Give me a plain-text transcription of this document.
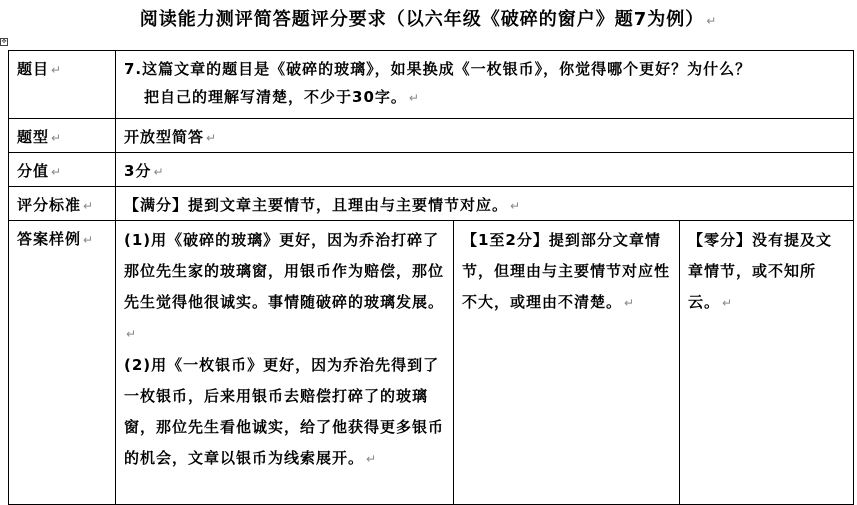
阅读能力测评简答题评分要求（以六年级《破碎的窗户》题7为例） ↵
✥
题目 ↵	7.这篇文章的题目是《破碎的玻璃》，如果换成《一枚银币》，你觉得哪个更好？为什么？
把自己的理解写清楚，不少于30字。 ↵		

题型 ↵	开放型简答 ↵		
分值 ↵	3分 ↵		
评分标准 ↵	【满分】提到文章主要情节，且理由与主要情节对应。 ↵		
答案样例 ↵	(1)用《破碎的玻璃》更好，因为乔治打碎了那位先生家的玻璃窗，用银币作为赔偿，那位先生觉得他很诚实。事情随破碎的玻璃发展。↵
(2)用《一枚银币》更好，因为乔治先得到了一枚银币，后来用银币去赔偿打碎了的玻璃窗，那位先生看他诚实，给了他获得更多银币的机会，文章以银币为线索展开。 ↵	【1至2分】提到部分文章情节，但理由与主要情节对应性不大，或理由不清楚。 ↵	【零分】没有提及文章情节，或不知所云。 ↵
